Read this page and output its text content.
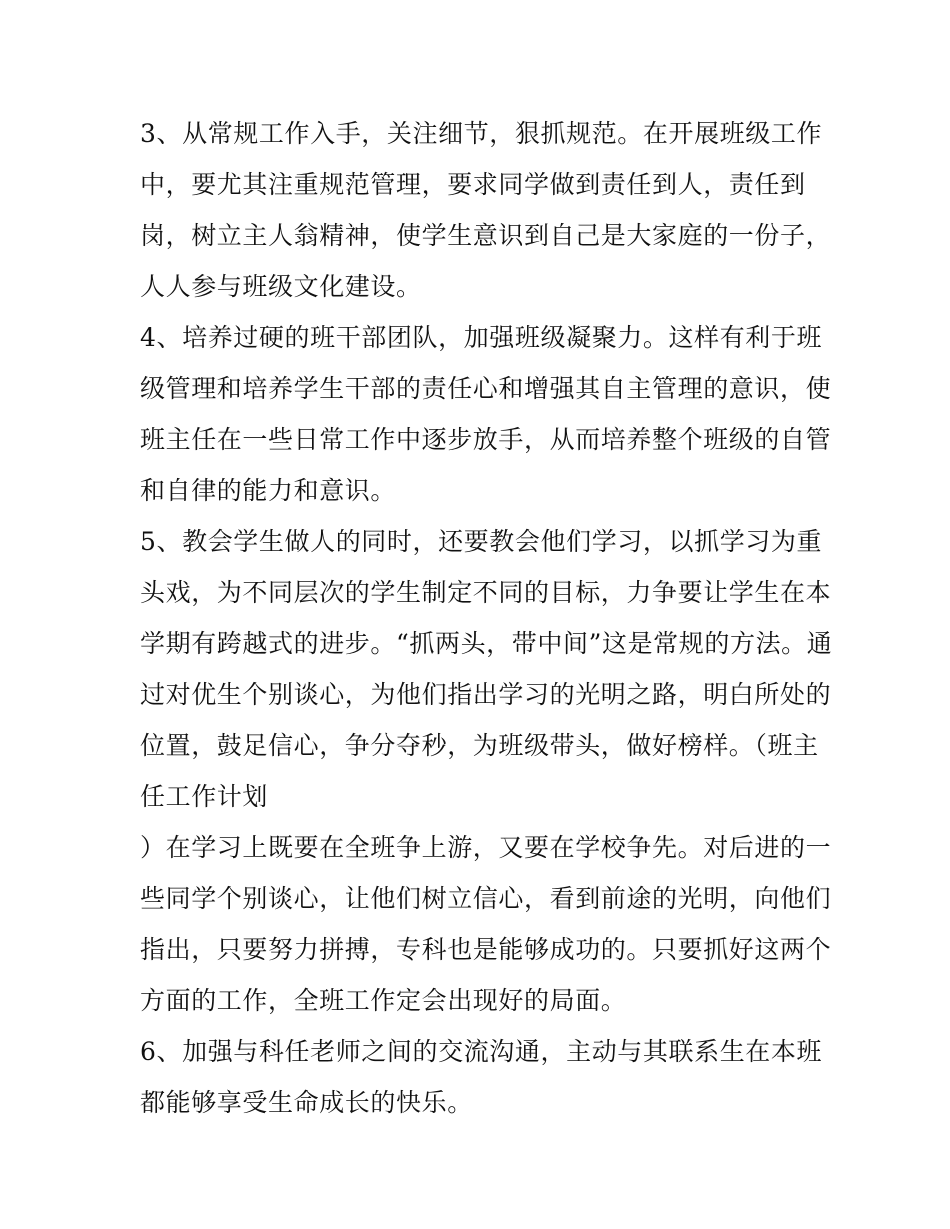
3、从常规工作入手，关注细节，狠抓规范。在开展班级工作
中，要尤其注重规范管理，要求同学做到责任到人，责任到
岗，树立主人翁精神，使学生意识到自己是大家庭的一份子，
人人参与班级文化建设。
4、培养过硬的班干部团队，加强班级凝聚力。这样有利于班
级管理和培养学生干部的责任心和增强其自主管理的意识，使
班主任在一些日常工作中逐步放手，从而培养整个班级的自管
和自律的能力和意识。
5、教会学生做人的同时，还要教会他们学习，以抓学习为重
头戏，为不同层次的学生制定不同的目标，力争要让学生在本
学期有跨越式的进步。“抓两头，带中间”这是常规的方法。通
过对优生个别谈心，为他们指出学习的光明之路，明白所处的
位置，鼓足信心，争分夺秒，为班级带头，做好榜样。（班主
任工作计划
）在学习上既要在全班争上游，又要在学校争先。对后进的一
些同学个别谈心，让他们树立信心，看到前途的光明，向他们
指出，只要努力拼搏，专科也是能够成功的。只要抓好这两个
方面的工作，全班工作定会出现好的局面。
6、加强与科任老师之间的交流沟通，主动与其联系生在本班
都能够享受生命成长的快乐。
